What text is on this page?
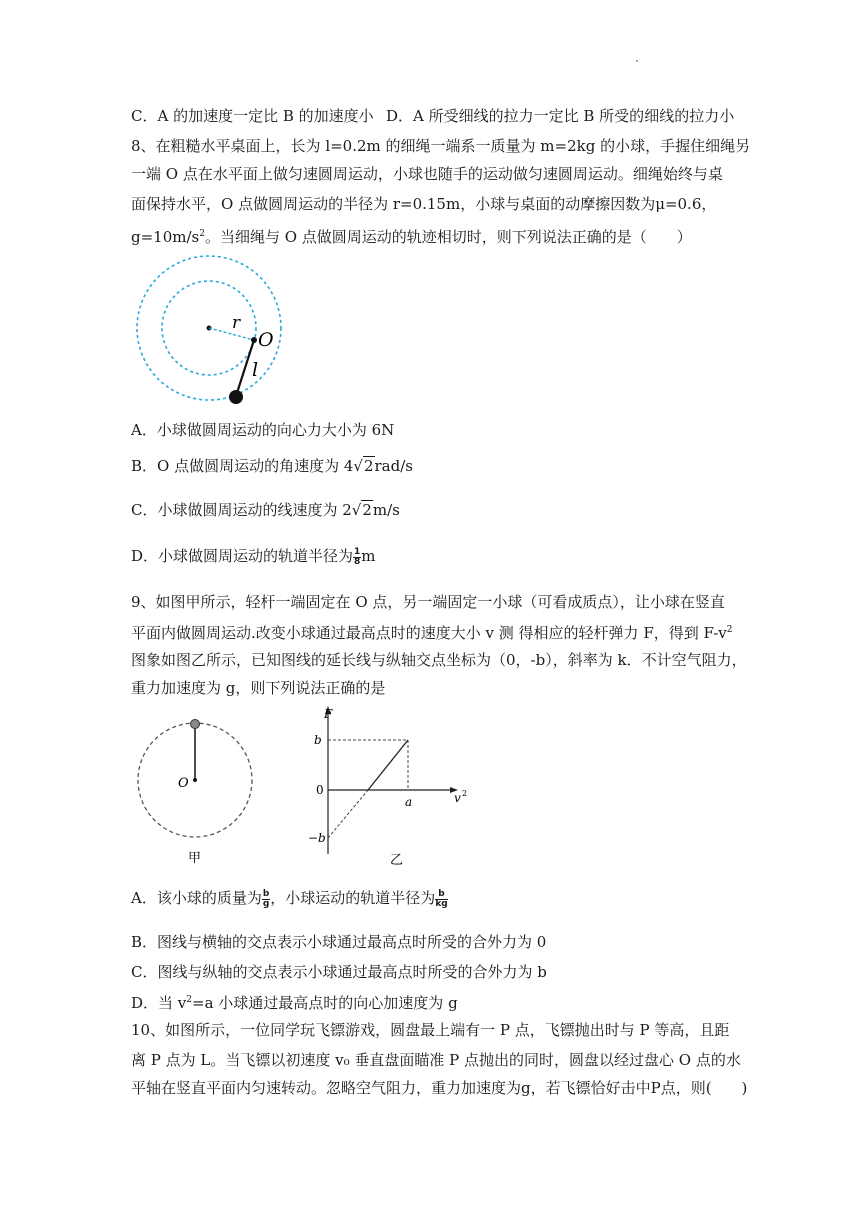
C．A 的加速度一定比 B 的加速度小 D．A 所受细线的拉力一定比 B 所受的细线的拉力小
8、在粗糙水平桌面上，长为 l=0.2m 的细绳一端系一质量为 m=2kg 的小球，手握住细绳另
一端 O 点在水平面上做匀速圆周运动，小球也随手的运动做匀速圆周运动。细绳始终与桌
面保持水平，O 点做圆周运动的半径为 r=0.15m，小球与桌面的动摩擦因数为μ=0.6，
$g=10m/s^2$。当细绳与 O 点做圆周运动的轨迹相切时，则下列说法正确的是（　　）
r
O
l
A．小球做圆周运动的向心力大小为 6N
B．O 点做圆周运动的角速度为 4√2rad/s
C．小球做圆周运动的线速度为 2√2m/s
D．小球做圆周运动的轨道半径为 $\frac{1}{8}$ m
9、如图甲所示，轻杆一端固定在 O 点，另一端固定一小球（可看成质点），让小球在竖直
平面内做圆周运动.改变小球通过最高点时的速度大小 v 测 得相应的轻杆弹力 F，得到 $F-v^2$
图象如图乙所示，已知图线的延长线与纵轴交点坐标为（0，-b），斜率为 k．不计空气阻力，
重力加速度为 g，则下列说法正确的是
O
甲
F
b
0
−b
a	v 2
乙
A．该小球的质量为 $\frac{b}{g}$ ，小球运动的轨道半径为 $\frac{b}{kg}$
B．图线与横轴的交点表示小球通过最高点时所受的合外力为 0
C．图线与纵轴的交点表示小球通过最高点时所受的合外力为 b
D．当 $v^2=a$ 小球通过最高点时的向心加速度为 g
10、如图所示，一位同学玩飞镖游戏，圆盘最上端有一 P 点，飞镖抛出时与 P 等高，且距
离 P 点为 L。当飞镖以初速度 v₀ 垂直盘面瞄准 P 点抛出的同时，圆盘以经过盘心 O 点的水
平轴在竖直平面内匀速转动。忽略空气阻力，重力加速度为g，若飞镖恰好击中P点，则(　　)
